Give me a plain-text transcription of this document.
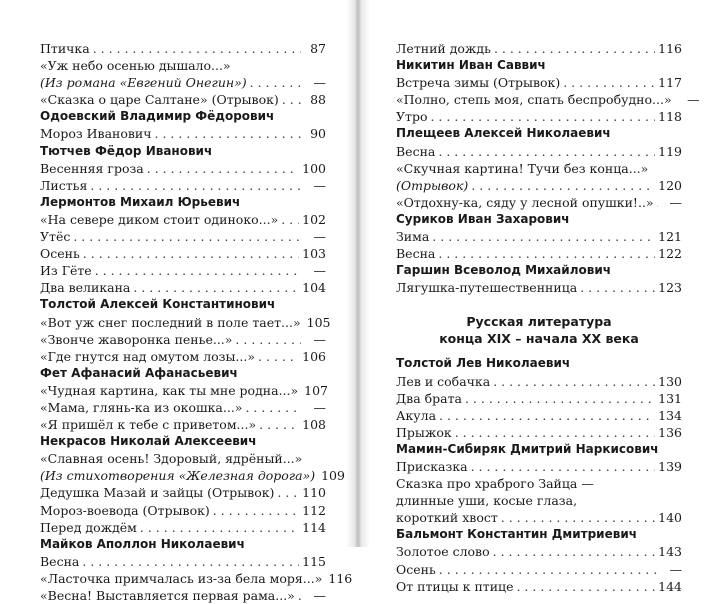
Птичка . . .	87
«Уж небо осенью дышало...»
(Из романа «Евгений Онегин») . . .	—
«Сказка о царе Салтане» (Отрывок) . . .	88
Одоевский Владимир Фёдорович
Мороз Иванович . . .	90
Тютчев Фёдор Иванович
Весенняя гроза . . .	100
Листья . . .	—
Лермонтов Михаил Юрьевич
«На севере диком стоит одиноко...» . . . 102
Утёс . . .	—
Осень . . .	103
Из Гёте . . .	—
Два великана . . .	104
Толстой Алексей Константинович
«Вот уж снег последний в поле тает...» 105
«Звонче жаворонка пенье...» . . .	—
«Где гнутся над омутом лозы...» . . .	106
Фет Афанасий Афанасьевич
«Чудная картина, как ты мне родна...» 107
«Мама, глянь-ка из окошка...» . . .	—
«Я пришёл к тебе с приветом...» . . .	108
Некрасов Николай Алексеевич
«Славная осень! Здоровый, ядрёный...»
(Из стихотворения «Железная дорога») 109
Дедушка Мазай и зайцы (Отрывок) . . . 110
Мороз-воевода (Отрывок) . . .	112
Перед дождём . . .	114
Майков Аполлон Николаевич
Весна . . .	115
«Ласточка примчалась из-за бела моря...» 116
«Весна! Выставляется первая рама...» . . .	—
Летний дождь . . .	116
Никитин Иван Саввич
Встреча зимы (Отрывок) . . .	117
«Полно, степь моя, спать беспробудно...»	—
Утро . . .	118
Плещеев Алексей Николаевич
Весна . . .	119
«Скучная картина! Тучи без конца...»
(Отрывок) . . .	120
«Отдохну-ка, сяду у лесной опушки!..» . . .	—
Суриков Иван Захарович
Зима . . .	121
Весна . . .	122
Гаршин Всеволод Михайлович
Лягушка-путешественница . . .	123
Русская литература
конца XIX – начала XX века
Толстой Лев Николаевич
Лев и собачка . . .	130
Два брата . . .	131
Акула . . .	134
Прыжок . . .	136
Мамин-Сибиряк Дмитрий Наркисович
Присказка . . .	139
Сказка про храброго Зайца —
длинные уши, косые глаза,
короткий хвост . . .	140
Бальмонт Константин Дмитриевич
Золотое слово . . .	143
Осень . . .	—
От птицы к птице . . .	144
